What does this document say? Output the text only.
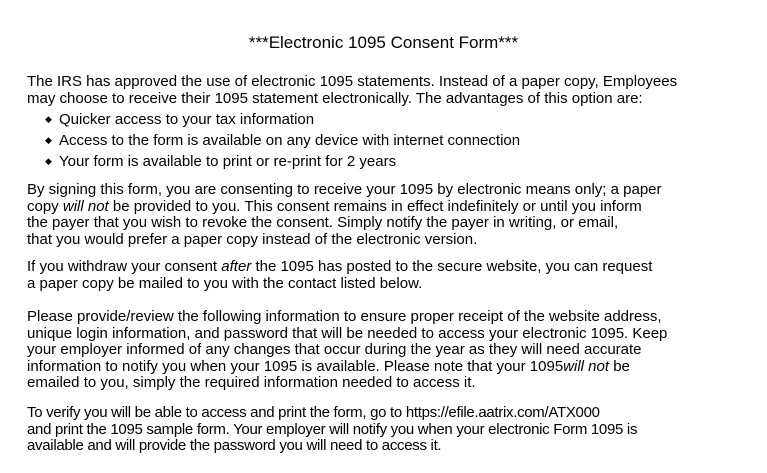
***Electronic 1095 Consent Form***
The IRS has approved the use of electronic 1095 statements. Instead of a paper copy, Employees
may choose to receive their 1095 statement electronically. The advantages of this option are:
◆ Quicker access to your tax information
◆ Access to the form is available on any device with internet connection
◆ Your form is available to print or re-print for 2 years
By signing this form, you are consenting to receive your 1095 by electronic means only; a paper
copy will not be provided to you. This consent remains in effect indefinitely or until you inform
the payer that you wish to revoke the consent. Simply notify the payer in writing, or email,
that you would prefer a paper copy instead of the electronic version.
If you withdraw your consent after the 1095 has posted to the secure website, you can request
a paper copy be mailed to you with the contact listed below.
Please provide/review the following information to ensure proper receipt of the website address,
unique login information, and password that will be needed to access your electronic 1095. Keep
your employer informed of any changes that occur during the year as they will need accurate
information to notify you when your 1095 is available. Please note that your 1095will not be
emailed to you, simply the required information needed to access it.
To verify you will be able to access and print the form, go to https://efile.aatrix.com/ATX000
and print the 1095 sample form. Your employer will notify you when your electronic Form 1095 is
available and will provide the password you will need to access it.
